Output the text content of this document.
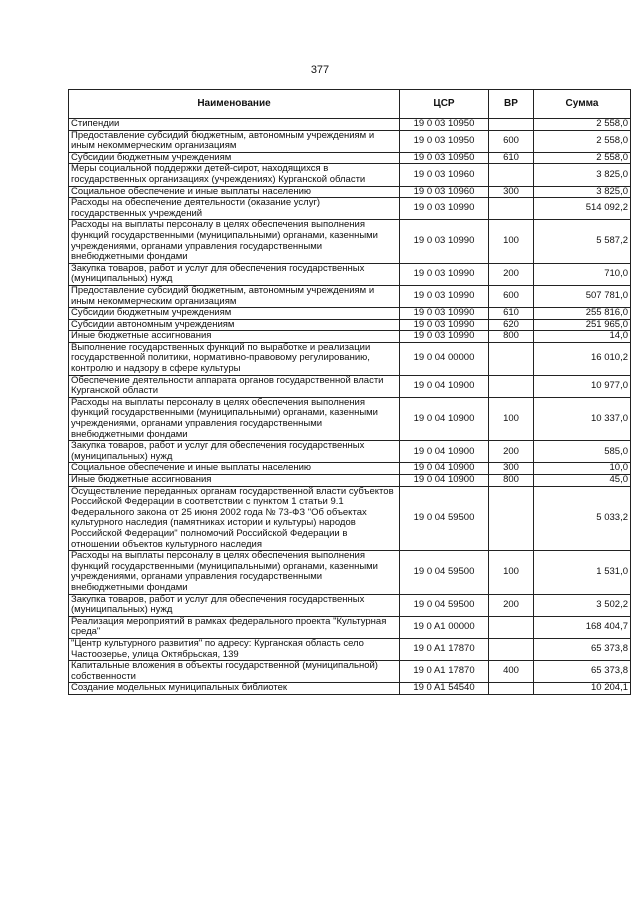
377
Наименование	ЦСР	ВР	Сумма
Стипендии	19 0 03 10950		2 558,0
Предоставление субсидий бюджетным, автономным учреждениям и иным некоммерческим организациям	19 0 03 10950	600	2 558,0
Субсидии бюджетным учреждениям	19 0 03 10950	610	2 558,0
Меры социальной поддержки детей-сирот, находящихся в государственных организациях (учреждениях) Курганской области	19 0 03 10960		3 825,0
Социальное обеспечение и иные выплаты населению	19 0 03 10960	300	3 825,0
Расходы на обеспечение деятельности (оказание услуг) государственных учреждений	19 0 03 10990		514 092,2
Расходы на выплаты персоналу в целях обеспечения выполнения функций государственными (муниципальными) органами, казенными учреждениями, органами управления государственными внебюджетными фондами	19 0 03 10990	100	5 587,2
Закупка товаров, работ и услуг для обеспечения государственных (муниципальных) нужд	19 0 03 10990	200	710,0
Предоставление субсидий бюджетным, автономным учреждениям и иным некоммерческим организациям	19 0 03 10990	600	507 781,0
Субсидии бюджетным учреждениям	19 0 03 10990	610	255 816,0
Субсидии автономным учреждениям	19 0 03 10990	620	251 965,0
Иные бюджетные ассигнования	19 0 03 10990	800	14,0
Выполнение государственных функций по выработке и реализации государственной политики, нормативно-правовому регулированию, контролю и надзору в сфере культуры	19 0 04 00000		16 010,2
Обеспечение деятельности аппарата органов государственной власти Курганской области	19 0 04 10900		10 977,0
Расходы на выплаты персоналу в целях обеспечения выполнения функций государственными (муниципальными) органами, казенными учреждениями, органами управления государственными внебюджетными фондами	19 0 04 10900	100	10 337,0
Закупка товаров, работ и услуг для обеспечения государственных (муниципальных) нужд	19 0 04 10900	200	585,0
Социальное обеспечение и иные выплаты населению	19 0 04 10900	300	10,0
Иные бюджетные ассигнования	19 0 04 10900	800	45,0
Осуществление переданных органам государственной власти субъектов Российской Федерации в соответствии с пунктом 1 статьи 9.1 Федерального закона от 25 июня 2002 года № 73-ФЗ "Об объектах культурного наследия (памятниках истории и культуры) народов Российской Федерации" полномочий Российской Федерации в отношении объектов культурного наследия	19 0 04 59500		5 033,2
Расходы на выплаты персоналу в целях обеспечения выполнения функций государственными (муниципальными) органами, казенными учреждениями, органами управления государственными внебюджетными фондами	19 0 04 59500	100	1 531,0
Закупка товаров, работ и услуг для обеспечения государственных (муниципальных) нужд	19 0 04 59500	200	3 502,2
Реализация мероприятий в рамках федерального проекта "Культурная среда"	19 0 A1 00000		168 404,7
"Центр культурного развития" по адресу: Курганская область село Частоозерье, улица Октябрьская, 139	19 0 A1 17870		65 373,8
Капитальные вложения в объекты государственной (муниципальной) собственности	19 0 A1 17870	400	65 373,8
Создание модельных муниципальных библиотек	19 0 A1 54540		10 204,1
